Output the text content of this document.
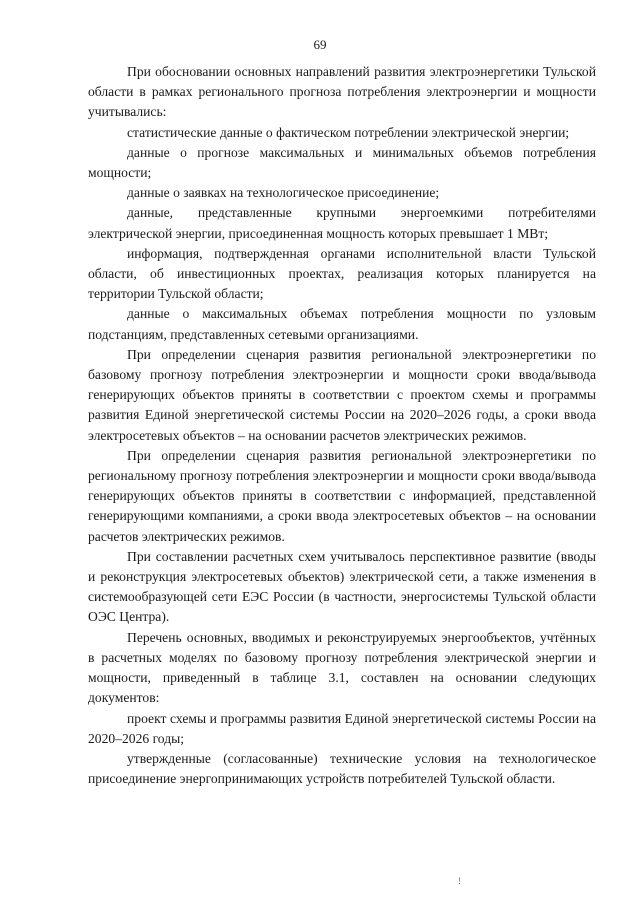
69

При обосновании основных направлений развития электроэнергетики Тульской области в рамках регионального прогноза потребления электроэнергии и мощности учитывались:

статистические данные о фактическом потреблении электрической энергии;

данные о прогнозе максимальных и минимальных объемов потребления мощности;

данные о заявках на технологическое присоединение;

данные, представленные крупными энергоемкими потребителями электрической энергии, присоединенная мощность которых превышает 1 МВт;

информация, подтвержденная органами исполнительной власти Тульской области, об инвестиционных проектах, реализация которых планируется на территории Тульской области;

данные о максимальных объемах потребления мощности по узловым подстанциям, представленных сетевыми организациями.

При определении сценария развития региональной электроэнергетики по базовому прогнозу потребления электроэнергии и мощности сроки ввода/вывода генерирующих объектов приняты в соответствии с проектом схемы и программы развития Единой энергетической системы России на 2020–2026 годы, а сроки ввода электросетевых объектов – на основании расчетов электрических режимов.

При определении сценария развития региональной электроэнергетики по региональному прогнозу потребления электроэнергии и мощности сроки ввода/вывода генерирующих объектов приняты в соответствии с информацией, представленной генерирующими компаниями, а сроки ввода электросетевых объектов – на основании расчетов электрических режимов.

При составлении расчетных схем учитывалось перспективное развитие (вводы и реконструкция электросетевых объектов) электрической сети, а также изменения в системообразующей сети ЕЭС России (в частности, энергосистемы Тульской области ОЭС Центра).

Перечень основных, вводимых и реконструируемых энергообъектов, учтённых в расчетных моделях по базовому прогнозу потребления электрической энергии и мощности, приведенный в таблице 3.1, составлен на основании следующих документов:

проект схемы и программы развития Единой энергетической системы России на 2020–2026 годы;

утвержденные (согласованные) технические условия на технологическое присоединение энергопринимающих устройств потребителей Тульской области.

!
